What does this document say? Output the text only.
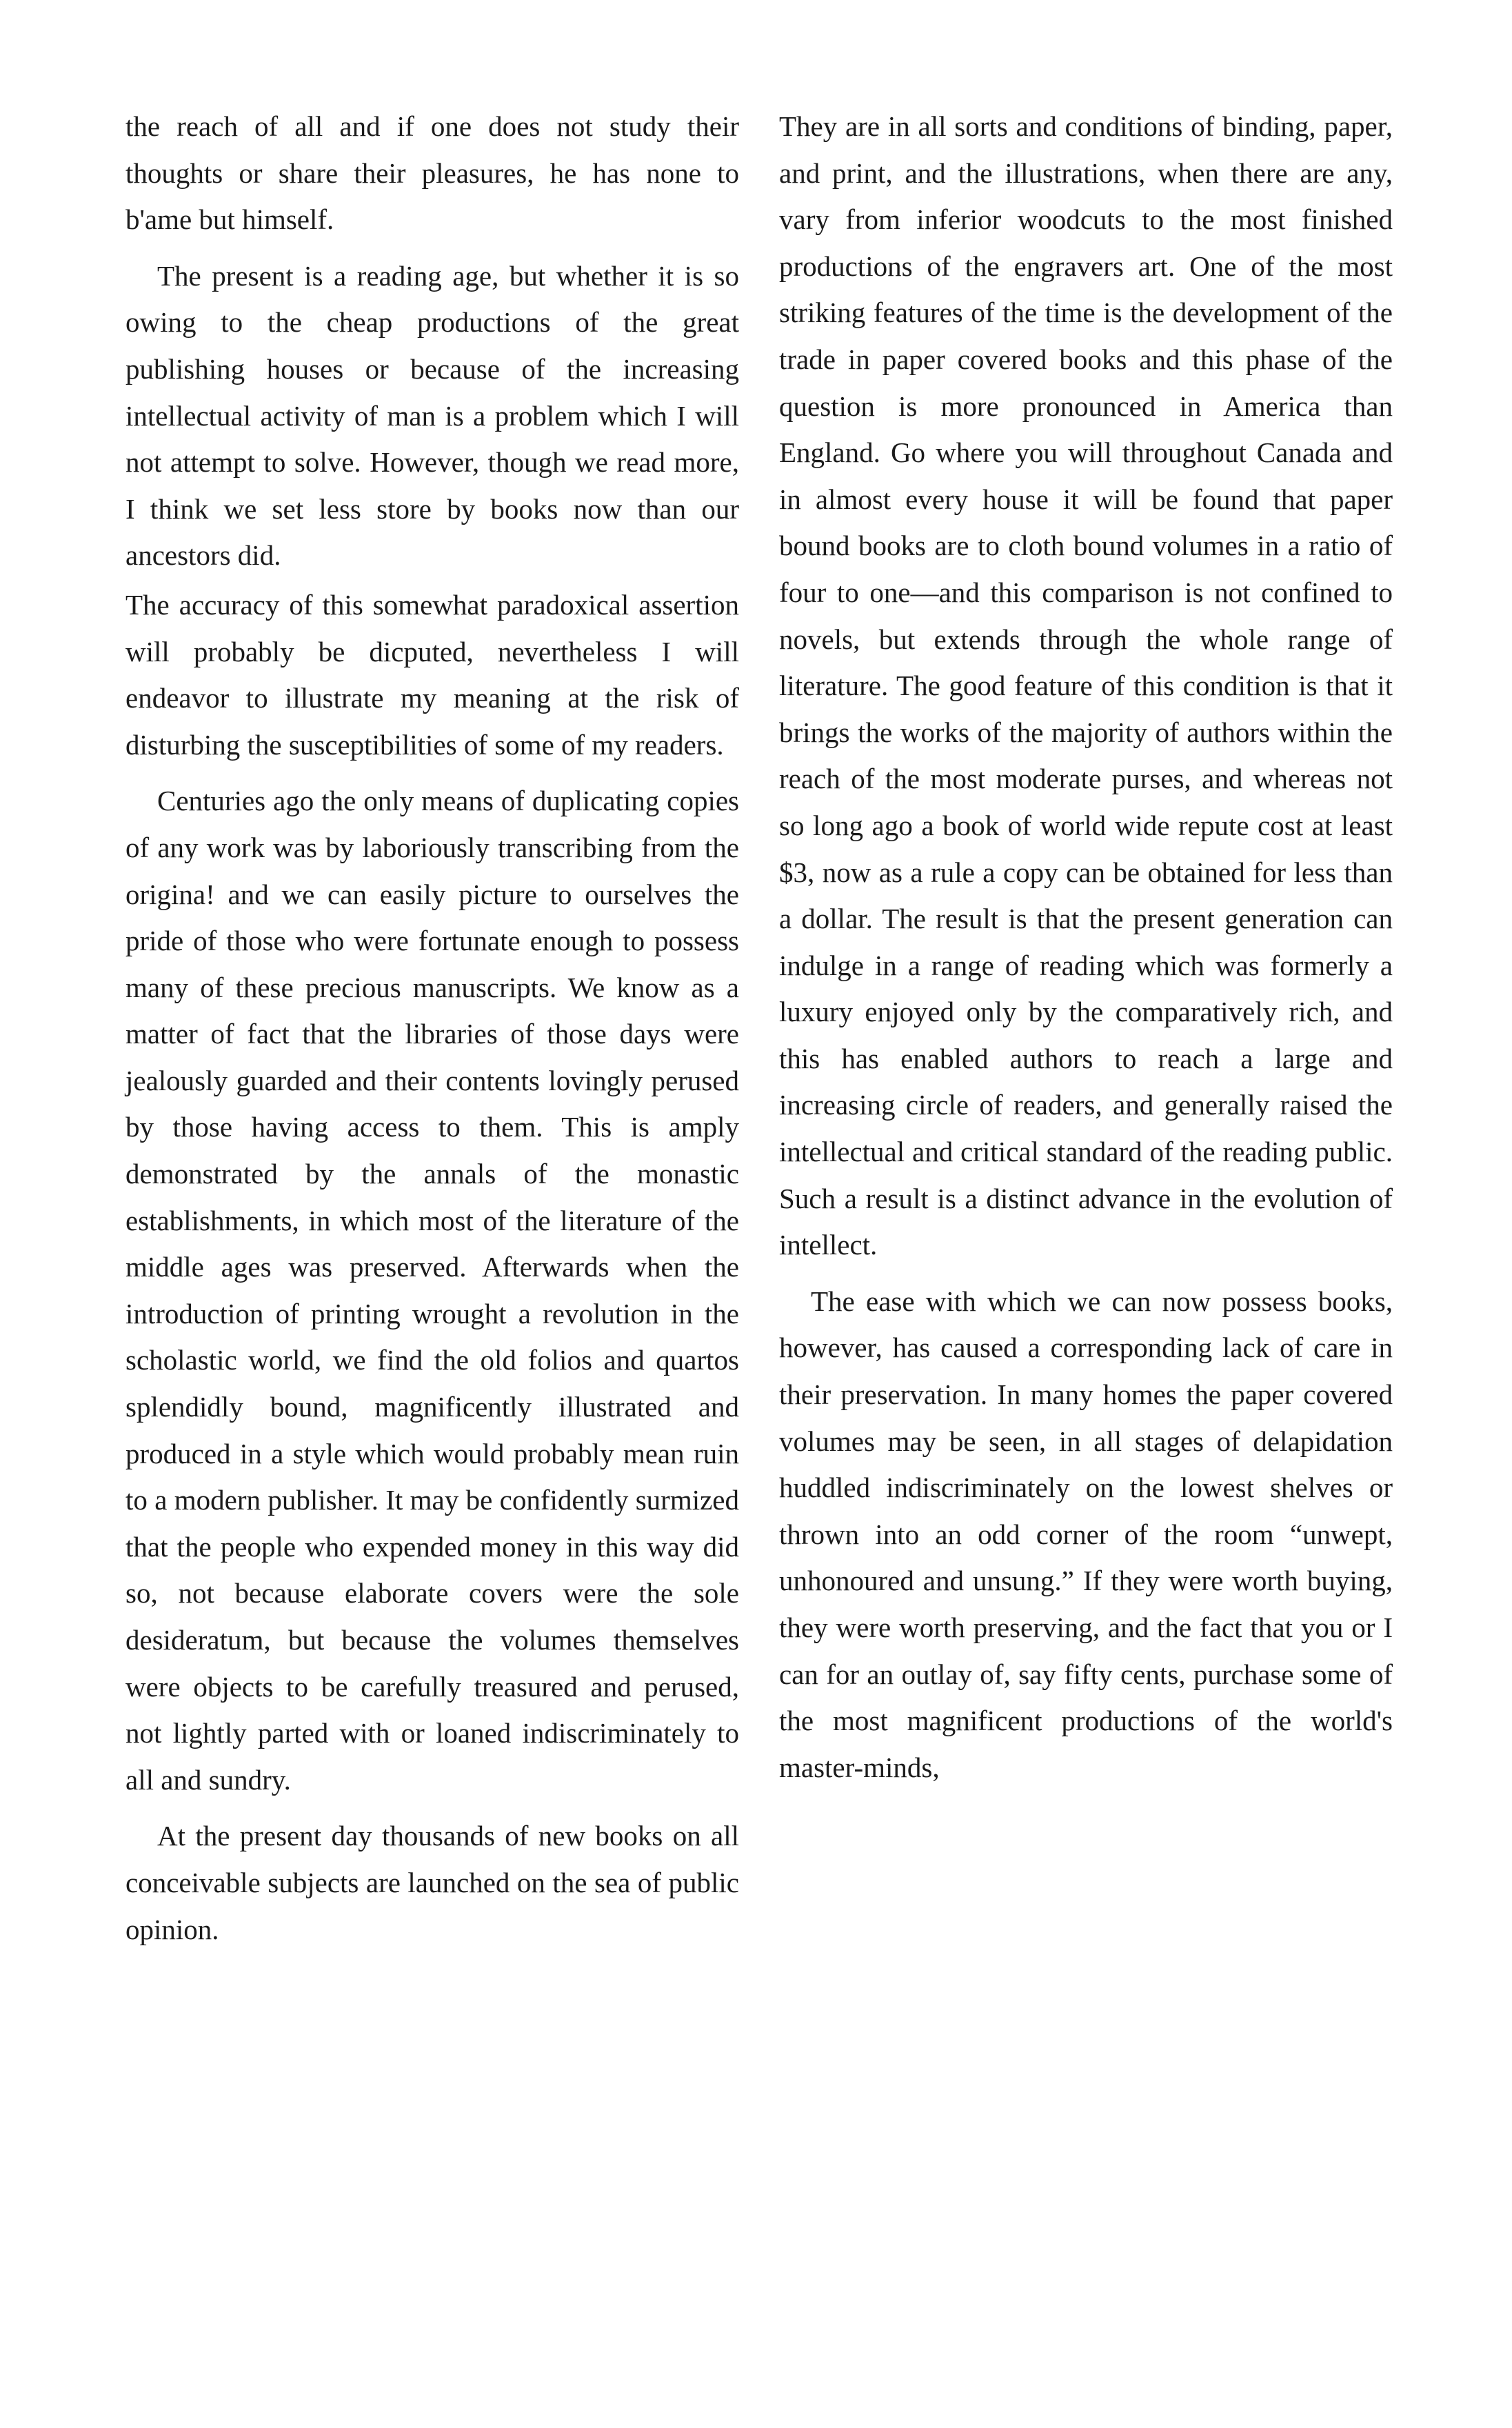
the reach of all and if one does not study their thoughts or share their pleasures, he has none to b'ame but himself.

The present is a reading age, but whether it is so owing to the cheap productions of the great publishing houses or because of the increasing intellectual activity of man is a problem which I will not attempt to solve. However, though we read more, I think we set less store by books now than our ancestors did.

The accuracy of this somewhat paradoxical assertion will probably be dicputed, nevertheless I will endeavor to illustrate my meaning at the risk of disturbing the susceptibilities of some of my readers.

Centuries ago the only means of duplicating copies of any work was by laboriously transcribing from the origina! and we can easily picture to ourselves the pride of those who were fortunate enough to possess many of these precious manuscripts. We know as a matter of fact that the libraries of those days were jealously guarded and their contents lovingly perused by those having access to them. This is amply demonstrated by the annals of the monastic establishments, in which most of the literature of the middle ages was preserved. Afterwards when the introduction of printing wrought a revolution in the scholastic world, we find the old folios and quartos splendidly bound, magnificently illustrated and produced in a style which would probably mean ruin to a modern publisher. It may be confidently surmized that the people who expended money in this way did so, not because elaborate covers were the sole desideratum, but because the volumes themselves were objects to be carefully treasured and perused, not lightly parted with or loaned indiscriminately to all and sundry.

At the present day thousands of new books on all conceivable subjects are launched on the sea of public opinion.

They are in all sorts and conditions of binding, paper, and print, and the illustrations, when there are any, vary from inferior woodcuts to the most finished productions of the engravers art. One of the most striking features of the time is the development of the trade in paper covered books and this phase of the question is more pronounced in America than England. Go where you will throughout Canada and in almost every house it will be found that paper bound books are to cloth bound volumes in a ratio of four to one—and this comparison is not confined to novels, but extends through the whole range of literature. The good feature of this condition is that it brings the works of the majority of authors within the reach of the most moderate purses, and whereas not so long ago a book of world wide repute cost at least $3, now as a rule a copy can be obtained for less than a dollar. The result is that the present generation can indulge in a range of reading which was formerly a luxury enjoyed only by the comparatively rich, and this has enabled authors to reach a large and increasing circle of readers, and generally raised the intellectual and critical standard of the reading public. Such a result is a distinct advance in the evolution of intellect.

The ease with which we can now possess books, however, has caused a corresponding lack of care in their preservation. In many homes the paper covered volumes may be seen, in all stages of delapidation huddled indiscriminately on the lowest shelves or thrown into an odd corner of the room “unwept, unhonoured and unsung.” If they were worth buying, they were worth preserving, and the fact that you or I can for an outlay of, say fifty cents, purchase some of the most magnificent productions of the world's master-minds,
